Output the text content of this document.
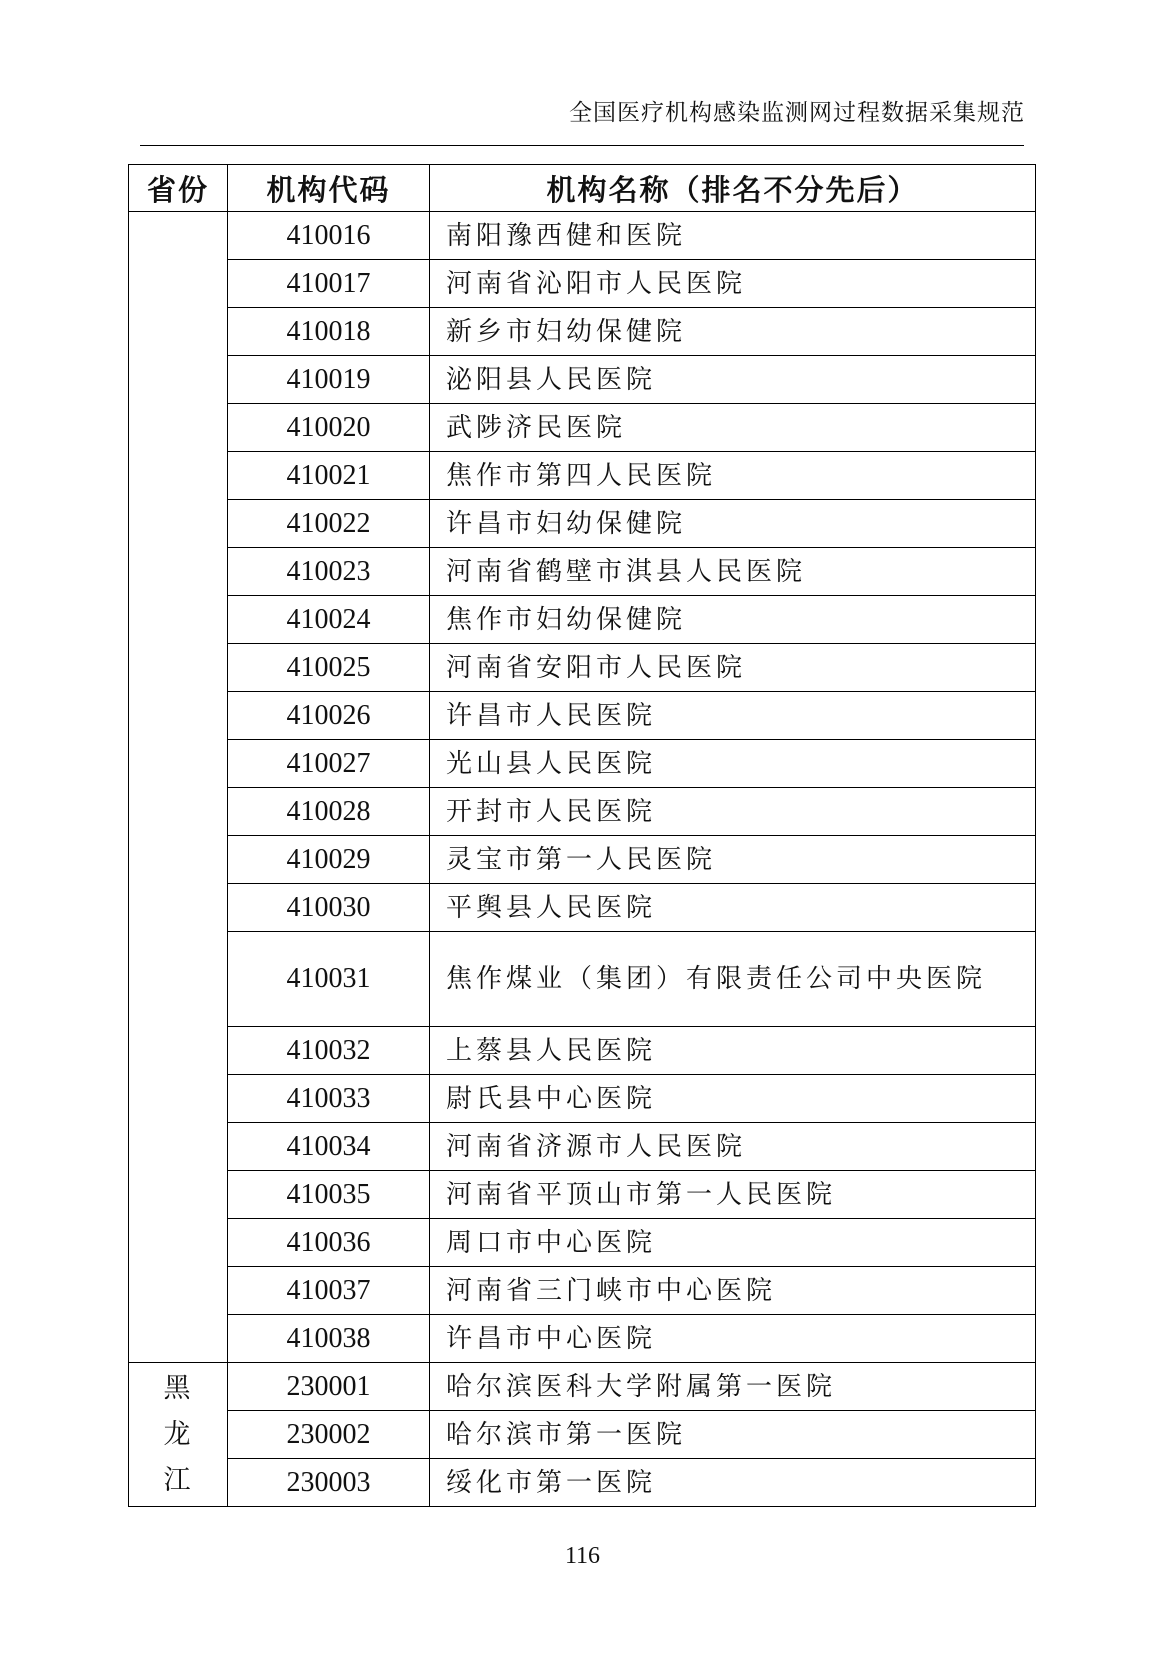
全国医疗机构感染监测网过程数据采集规范
省份	机构代码	机构名称（排名不分先后）
	410016	南阳豫西健和医院
	410017	河南省沁阳市人民医院
	410018	新乡市妇幼保健院
	410019	泌阳县人民医院
	410020	武陟济民医院
	410021	焦作市第四人民医院
	410022	许昌市妇幼保健院
	410023	河南省鹤壁市淇县人民医院
	410024	焦作市妇幼保健院
	410025	河南省安阳市人民医院
	410026	许昌市人民医院
	410027	光山县人民医院
	410028	开封市人民医院
	410029	灵宝市第一人民医院
	410030	平舆县人民医院
	410031	焦作煤业（集团）有限责任公司中央医院
	410032	上蔡县人民医院
	410033	尉氏县中心医院
	410034	河南省济源市人民医院
	410035	河南省平顶山市第一人民医院
	410036	周口市中心医院
	410037	河南省三门峡市中心医院
	410038	许昌市中心医院
黑龙江	230001	哈尔滨医科大学附属第一医院
	230002	哈尔滨市第一医院
	230003	绥化市第一医院
116
